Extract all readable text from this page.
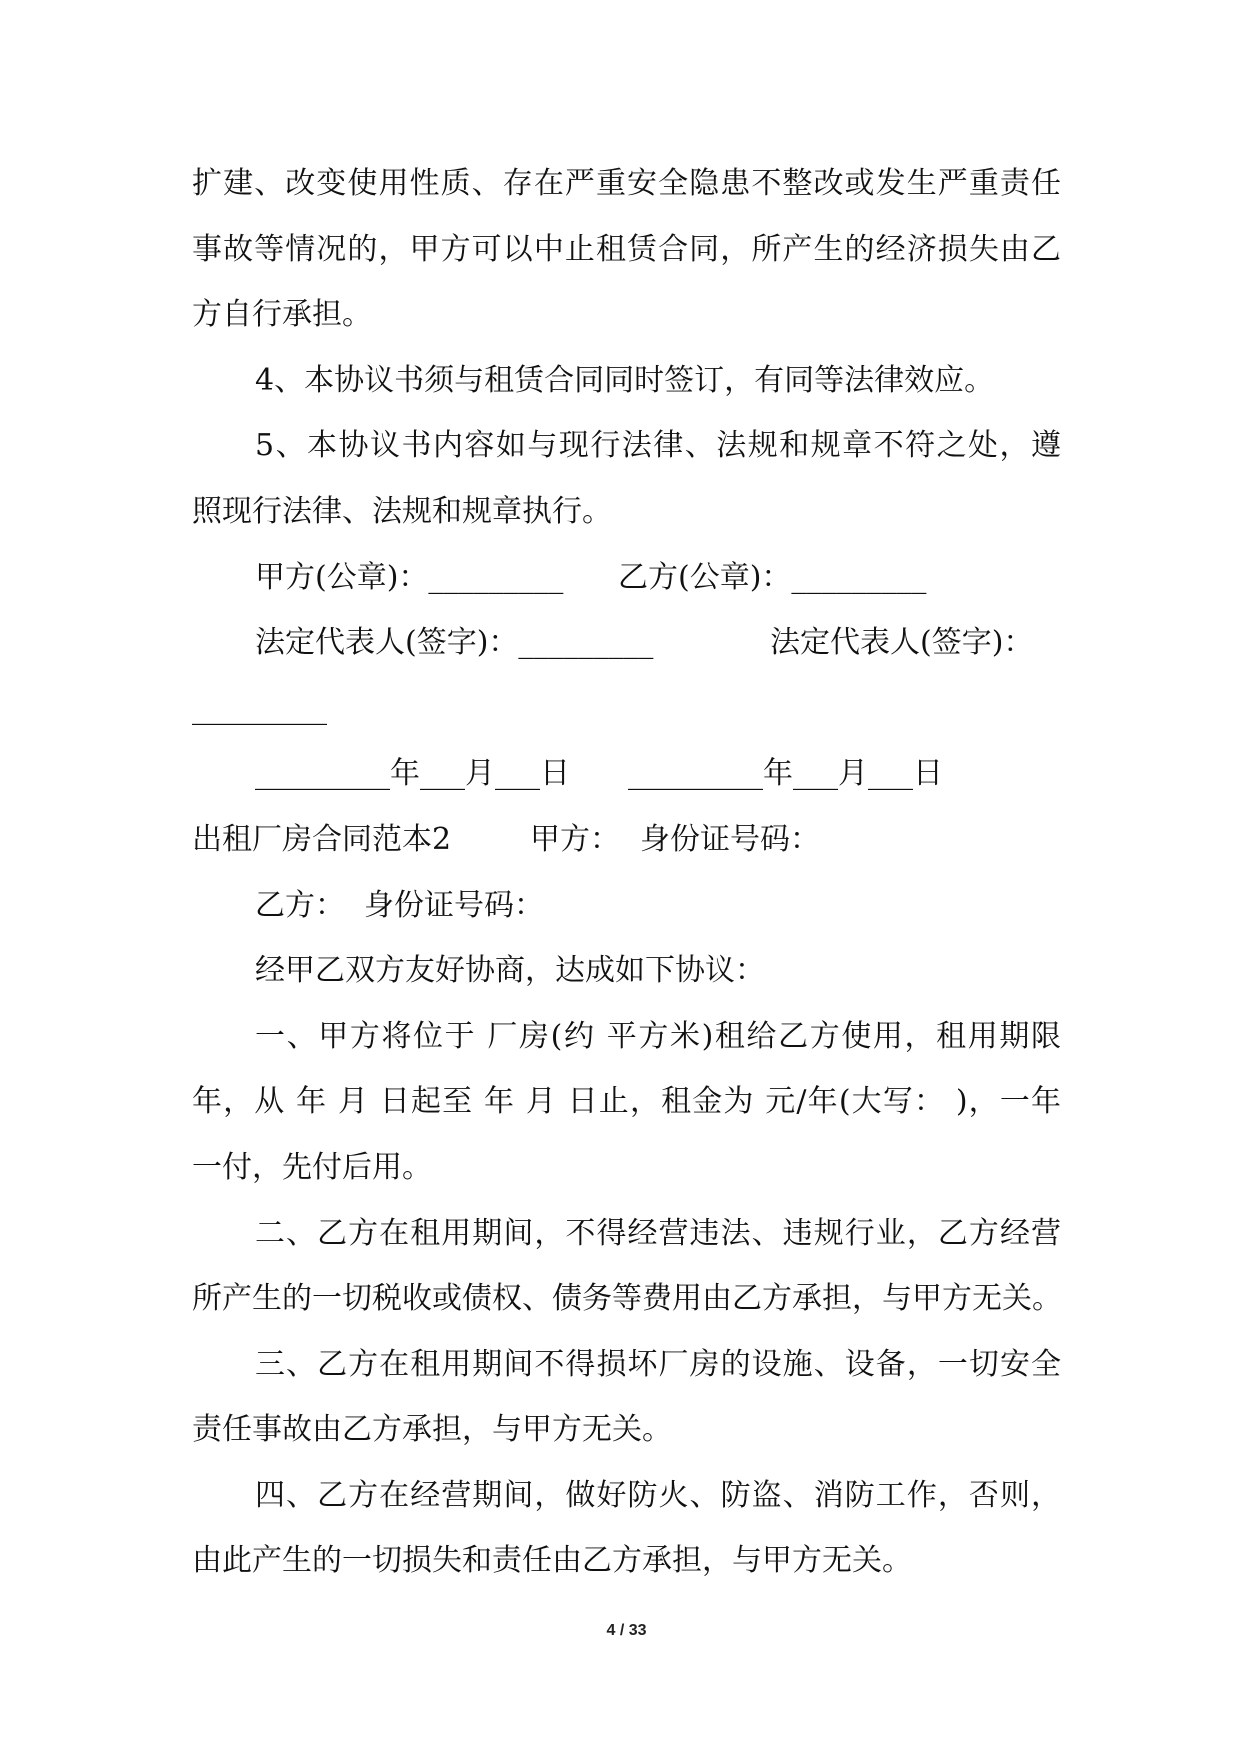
扩建、改变使用性质、存在严重安全隐患不整改或发生严重责任
事故等情况的，甲方可以中止租赁合同，所产生的经济损失由乙
方自行承担。
4、本协议书须与租赁合同同时签订，有同等法律效应。
5、本协议书内容如与现行法律、法规和规章不符之处，遵
照现行法律、法规和规章执行。
甲方(公章)：_________ 乙方(公章)：_________
法定代表人(签字)：_________	法定代表人(签字)：
_________
_________年___月___日 _________年___月___日
出租厂房合同范本2	甲方： 身份证号码：
乙方： 身份证号码：
经甲乙双方友好协商，达成如下协议：
一、甲方将位于 厂房(约 平方米)租给乙方使用，租用期限
年，从 年 月 日起至 年 月 日止，租金为 元/年(大写： )，一年
一付，先付后用。
二、乙方在租用期间，不得经营违法、违规行业，乙方经营
所产生的一切税收或债权、债务等费用由乙方承担，与甲方无关。
三、乙方在租用期间不得损坏厂房的设施、设备，一切安全
责任事故由乙方承担，与甲方无关。
四、乙方在经营期间，做好防火、防盗、消防工作，否则，
由此产生的一切损失和责任由乙方承担，与甲方无关。
4 / 33
